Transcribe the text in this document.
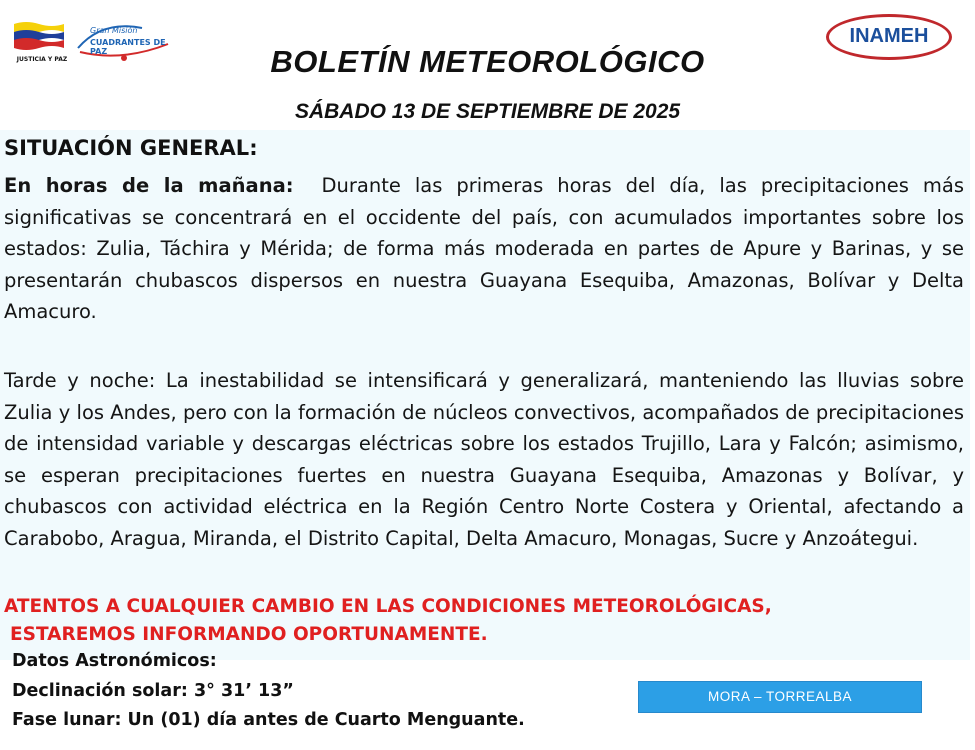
JUSTICIA Y PAZ
Gran Misión
CUADRANTES DE PAZ	BOLETÍN METEOROLÓGICO
SÁBADO 13 DE SEPTIEMBRE DE 2025
INAMEH
SITUACIÓN GENERAL:
En horas de la mañana: Durante las primeras horas del día, las precipitaciones más significativas se concentrará en el occidente del país, con acumulados importantes sobre los estados: Zulia, Táchira y Mérida; de forma más moderada en partes de Apure y Barinas, y se presentarán chubascos dispersos en nuestra Guayana Esequiba, Amazonas, Bolívar y Delta Amacuro.
Tarde y noche: La inestabilidad se intensificará y generalizará, manteniendo las lluvias sobre Zulia y los Andes, pero con la formación de núcleos convectivos, acompañados de precipitaciones de intensidad variable y descargas eléctricas sobre los estados Trujillo, Lara y Falcón; asimismo, se esperan precipitaciones fuertes en nuestra Guayana Esequiba, Amazonas y Bolívar, y chubascos con actividad eléctrica en la Región Centro Norte Costera y Oriental, afectando a Carabobo, Aragua, Miranda, el Distrito Capital, Delta Amacuro, Monagas, Sucre y Anzoátegui.
ATENTOS A CUALQUIER CAMBIO EN LAS CONDICIONES METEOROLÓGICAS,
ESTAREMOS INFORMANDO OPORTUNAMENTE.
Datos Astronómicos:
Declinación solar: 3° 31’ 13”
Fase lunar: Un (01) día antes de Cuarto Menguante.
MORA – TORREALBA
